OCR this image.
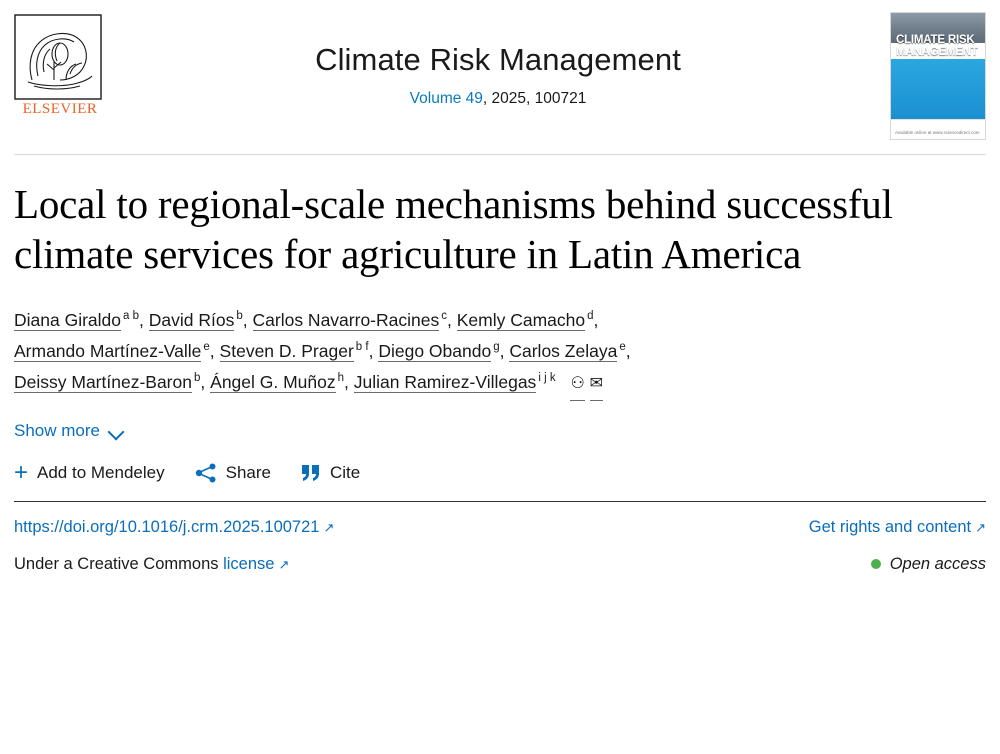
ELSEVIER
Climate Risk Management
Volume 49, 2025, 100721
CLIMATE RISK MANAGEMENT
Available online at www.sciencedirect.com
Local to regional-scale mechanisms behind successful climate services for agriculture in Latin America
Diana Giraldo $^{a b}$, David Ríos $^b$, Carlos Navarro-Racines $^c$, Kemly Camacho $^d$,
Armando Martínez-Valle $^e$, Steven D. Prager $^{b f}$, Diego Obando $^g$, Carlos Zelaya $^e$,
Deissy Martínez-Baron $^b$, Ángel G. Muñoz $^h$, Julian Ramirez-Villegas $^{i j k}$ ⚇ ✉
Show more
+ Add to Mendeley	Share	Cite
https://doi.org/10.1016/j.crm.2025.100721 ↗	Get rights and content ↗
Under a Creative Commons license ↗	Open access
